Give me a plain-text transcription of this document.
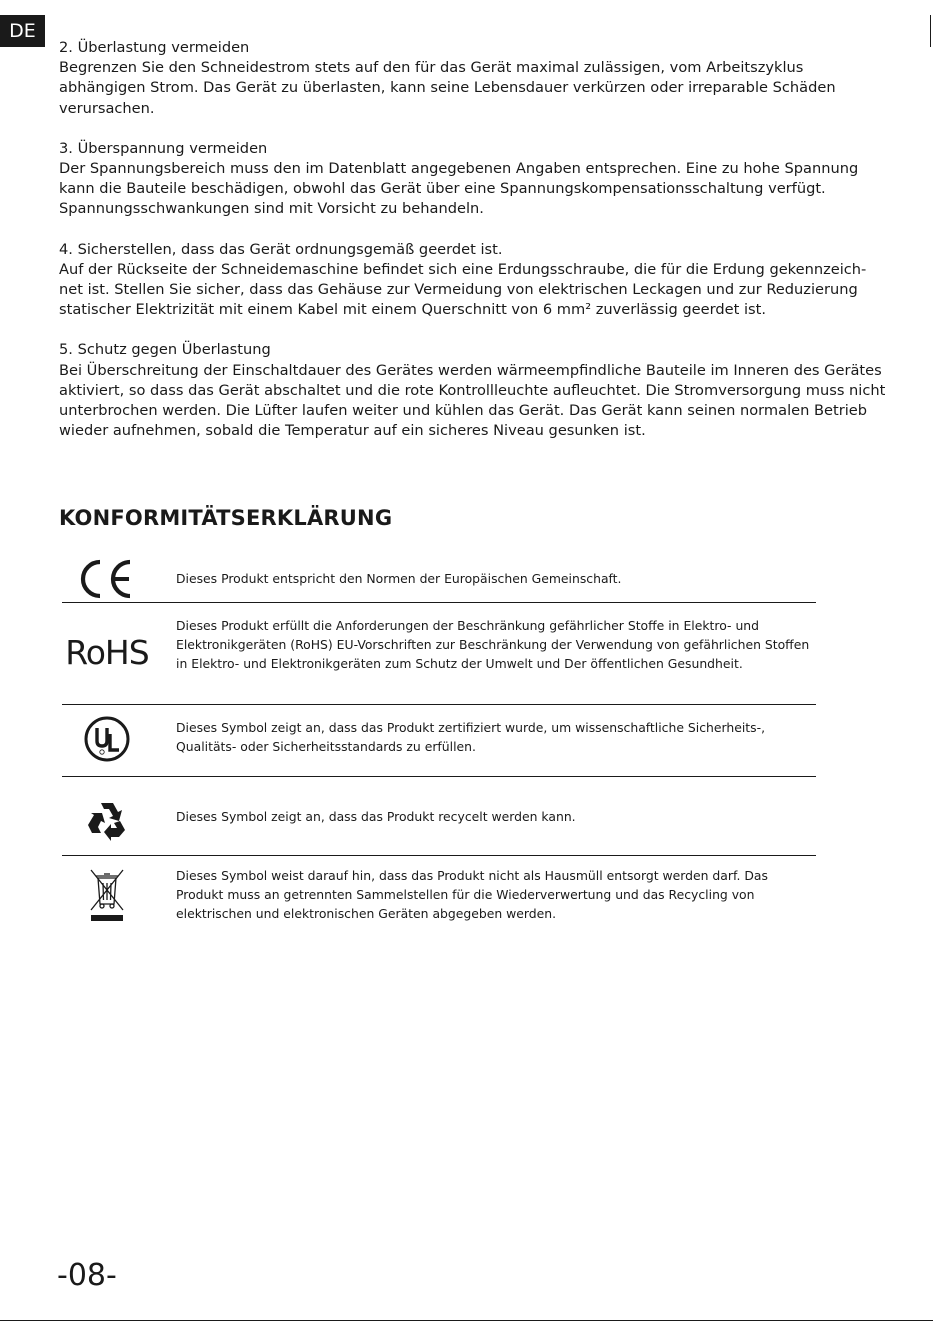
DE

2. Überlastung vermeiden

Begrenzen Sie den Schneidestrom stets auf den für das Gerät maximal zulässigen, vom Arbeitszyklus abhängigen Strom. Das Gerät zu überlasten, kann seine Lebensdauer verkürzen oder irreparable Schäden verursachen.

3. Überspannung vermeiden

Der Spannungsbereich muss den im Datenblatt angegebenen Angaben entsprechen. Eine zu hohe Spannung kann die Bauteile beschädigen, obwohl das Gerät über eine Spannungskompensationsschaltung verfügt. Spannungsschwankungen sind mit Vorsicht zu behandeln.

4. Sicherstellen, dass das Gerät ordnungsgemäß geerdet ist.

Auf der Rückseite der Schneidemaschine befindet sich eine Erdungsschraube, die für die Erdung gekennzeich-net ist. Stellen Sie sicher, dass das Gehäuse zur Vermeidung von elektrischen Leckagen und zur Reduzierung statischer Elektrizität mit einem Kabel mit einem Querschnitt von 6 mm² zuverlässig geerdet ist.

5. Schutz gegen Überlastung

Bei Überschreitung der Einschaltdauer des Gerätes werden wärmeempfindliche Bauteile im Inneren des Gerätes aktiviert, so dass das Gerät abschaltet und die rote Kontrollleuchte aufleuchtet. Die Stromversorgung muss nicht unterbrochen werden. Die Lüfter laufen weiter und kühlen das Gerät. Das Gerät kann seinen normalen Betrieb wieder aufnehmen, sobald die Temperatur auf ein sicheres Niveau gesunken ist.

KONFORMITÄTSERKLÄRUNG

Dieses Produkt entspricht den Normen der Europäischen Gemeinschaft.

RoHS

Dieses Produkt erfüllt die Anforderungen der Beschränkung gefährlicher Stoffe in Elektro- und Elektronikgeräten (RoHS) EU-Vorschriften zur Beschränkung der Verwendung von gefährlichen Stoffen in Elektro- und Elektronikgeräten zum Schutz der Umwelt und Der öffentlichen Gesundheit.

Dieses Symbol zeigt an, dass das Produkt zertifiziert wurde, um wissenschaftliche Sicherheits-, Qualitäts- oder Sicherheitsstandards zu erfüllen.

Dieses Symbol zeigt an, dass das Produkt recycelt werden kann.

Dieses Symbol weist darauf hin, dass das Produkt nicht als Hausmüll entsorgt werden darf. Das Produkt muss an getrennten Sammelstellen für die Wiederverwertung und das Recycling von elektrischen und elektronischen Geräten abgegeben werden.

-08-
